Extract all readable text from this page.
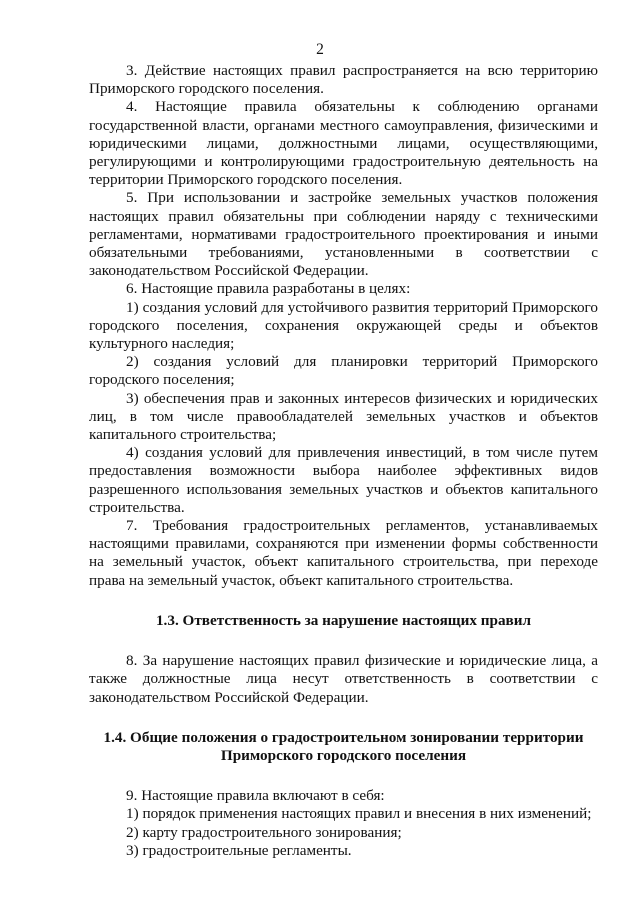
2

3. Действие настоящих правил распространяется на всю территорию Приморского городского поселения.

4. Настоящие правила обязательны к соблюдению органами государственной власти, органами местного самоуправления, физическими и юридическими лицами, должностными лицами, осуществляющими, регулирующими и контролирующими градостроительную деятельность на территории Приморского городского поселения.

5. При использовании и застройке земельных участков положения настоящих правил обязательны при соблюдении наряду с техническими регламентами, нормативами градостроительного проектирования и иными обязательными требованиями, установленными в соответствии с законодательством Российской Федерации.

6. Настоящие правила разработаны в целях:

1) создания условий для устойчивого развития территорий Приморского городского поселения, сохранения окружающей среды и объектов культурного наследия;

2) создания условий для планировки территорий Приморского городского поселения;

3) обеспечения прав и законных интересов физических и юридических лиц, в том числе правообладателей земельных участков и объектов капитального строительства;

4) создания условий для привлечения инвестиций, в том числе путем предоставления возможности выбора наиболее эффективных видов разрешенного использования земельных участков и объектов капитального строительства.

7. Требования градостроительных регламентов, устанавливаемых настоящими правилами, сохраняются при изменении формы собственности на земельный участок, объект капитального строительства, при переходе права на земельный участок, объект капитального строительства.

1.3. Ответственность за нарушение настоящих правил

8. За нарушение настоящих правил физические и юридические лица, а также должностные лица несут ответственность в соответствии с законодательством Российской Федерации.

1.4. Общие положения о градостроительном зонировании территории
Приморского городского поселения

9. Настоящие правила включают в себя:

1) порядок применения настоящих правил и внесения в них изменений;

2) карту градостроительного зонирования;

3) градостроительные регламенты.
